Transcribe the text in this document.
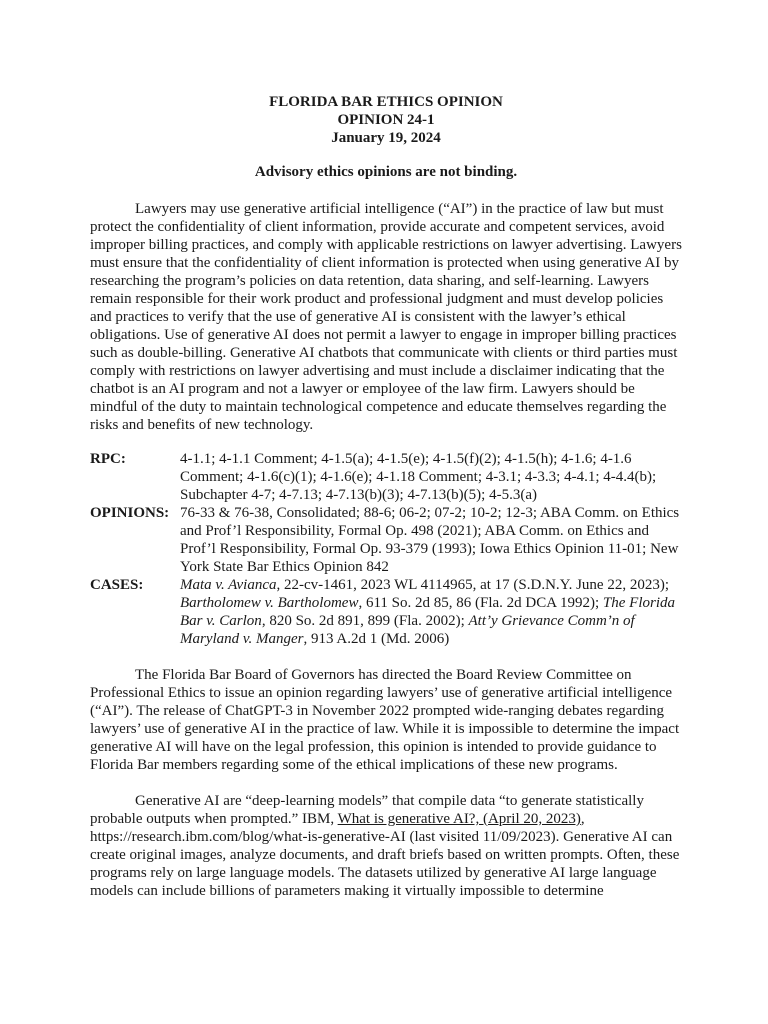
FLORIDA BAR ETHICS OPINION
OPINION 24-1
January 19, 2024
Advisory ethics opinions are not binding.

Lawyers may use generative artificial intelligence (“AI”) in the practice of law but must protect the confidentiality of client information, provide accurate and competent services, avoid improper billing practices, and comply with applicable restrictions on lawyer advertising. Lawyers must ensure that the confidentiality of client information is protected when using generative AI by researching the program’s policies on data retention, data sharing, and self-learning. Lawyers remain responsible for their work product and professional judgment and must develop policies and practices to verify that the use of generative AI is consistent with the lawyer’s ethical obligations. Use of generative AI does not permit a lawyer to engage in improper billing practices such as double-billing. Generative AI chatbots that communicate with clients or third parties must comply with restrictions on lawyer advertising and must include a disclaimer indicating that the chatbot is an AI program and not a lawyer or employee of the law firm. Lawyers should be mindful of the duty to maintain technological competence and educate themselves regarding the risks and benefits of new technology.

RPC:	4-1.1; 4-1.1 Comment; 4-1.5(a); 4-1.5(e); 4-1.5(f)(2); 4-1.5(h); 4-1.6; 4-1.6 Comment; 4-1.6(c)(1); 4-1.6(e); 4-1.18 Comment; 4-3.1; 4-3.3; 4-4.1; 4-4.4(b); Subchapter 4-7; 4-7.13; 4-7.13(b)(3); 4-7.13(b)(5); 4-5.3(a)
OPINIONS: 76-33 & 76-38, Consolidated; 88-6; 06-2; 07-2; 10-2; 12-3; ABA Comm. on Ethics and Prof’l Responsibility, Formal Op. 498 (2021); ABA Comm. on Ethics and Prof’l Responsibility, Formal Op. 93-379 (1993); Iowa Ethics Opinion 11-01; New York State Bar Ethics Opinion 842
CASES:	Mata v. Avianca, 22-cv-1461, 2023 WL 4114965, at 17 (S.D.N.Y. June 22, 2023); Bartholomew v. Bartholomew, 611 So. 2d 85, 86 (Fla. 2d DCA 1992); The Florida Bar v. Carlon, 820 So. 2d 891, 899 (Fla. 2002); Att’y Grievance Comm’n of Maryland v. Manger, 913 A.2d 1 (Md. 2006)

The Florida Bar Board of Governors has directed the Board Review Committee on Professional Ethics to issue an opinion regarding lawyers’ use of generative artificial intelligence (“AI”). The release of ChatGPT-3 in November 2022 prompted wide-ranging debates regarding lawyers’ use of generative AI in the practice of law. While it is impossible to determine the impact generative AI will have on the legal profession, this opinion is intended to provide guidance to Florida Bar members regarding some of the ethical implications of these new programs.

Generative AI are “deep-learning models” that compile data “to generate statistically probable outputs when prompted.” IBM, What is generative AI?, (April 20, 2023), https://research.ibm.com/blog/what-is-generative-AI (last visited 11/09/2023). Generative AI can create original images, analyze documents, and draft briefs based on written prompts. Often, these programs rely on large language models. The datasets utilized by generative AI large language models can include billions of parameters making it virtually impossible to determine
